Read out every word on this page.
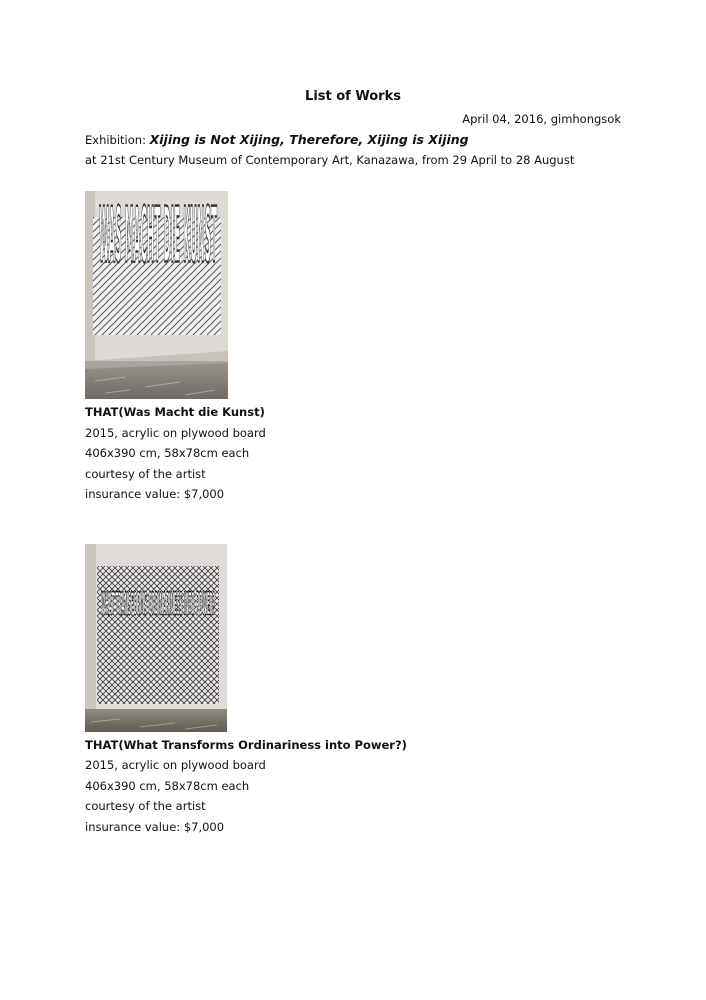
List of Works
April 04, 2016, gimhongsok
Exhibition: Xijing is Not Xijing, Therefore, Xijing is Xijing
at 21st Century Museum of Contemporary Art, Kanazawa, from 29 April to 28 August
WAS MACHT DIE KUNST
THAT(Was Macht die Kunst)
2015, acrylic on plywood board
406x390 cm, 58x78cm each
courtesy of the artist
insurance value: $7,000
WHAT TRANSFORMS ORDINARINESS INTO POWER?
THAT(What Transforms Ordinariness into Power?)
2015, acrylic on plywood board
406x390 cm, 58x78cm each
courtesy of the artist
insurance value: $7,000
